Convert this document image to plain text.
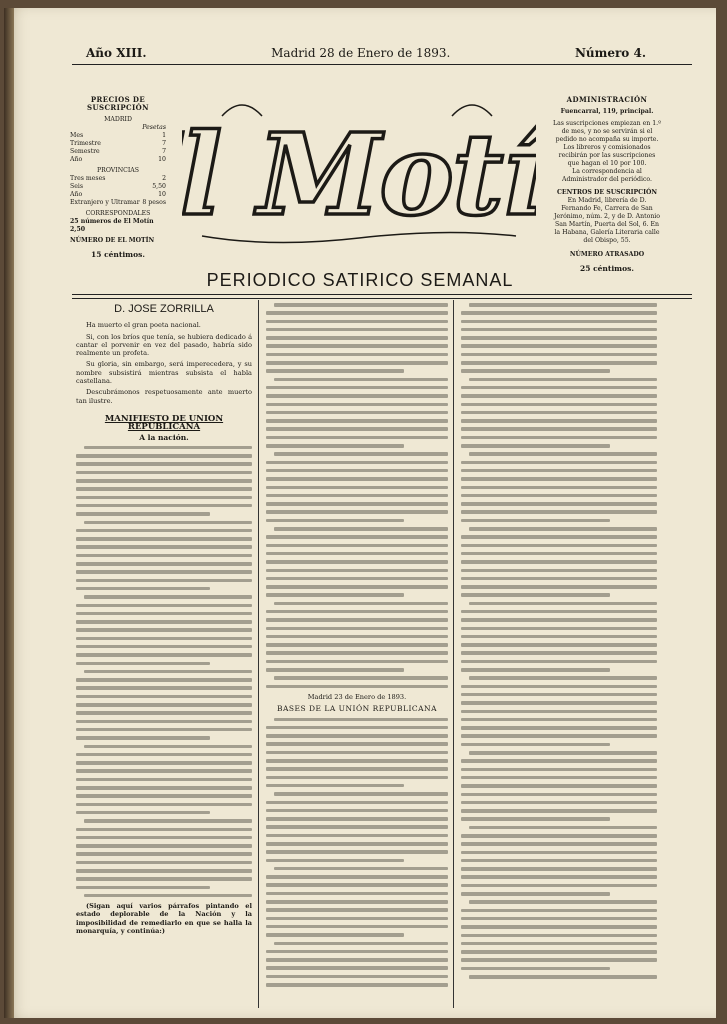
Año XIII.	Madrid 28 de Enero de 1893.	Número 4.
PRECIOS DE SUSCRIPCIÓN
MADRID
Pesetas
Mes	1
Trimestre	7
Semestre	7
Año	10
PROVINCIAS
Tres meses	2
Seis	5,50
Año	10
Extranjero y Ultramar 8 pesos
CORRESPONDALES
25 números de El Motín 2,50
NÚMERO DE EL MOTÍN
15 céntimos.
l Mot
PERIODICO SATIRICO SEMANAL
ADMINISTRACIÓN
Fuencarral, 119, principal.
Las suscripciones empiezan en 1.º de mes, y no se servirán si el pedido no acompaña su importe.
Los libreros y comisionados recibirán por las suscripciones que hagan el 10 por 100.
La correspondencia al Administrador del periódico.
CENTROS DE SUSCRIPCIÓN
En Madrid, librería de D. Fernando Fe, Carrera de San Jerónimo, núm. 2, y de D. Antonio San Martín, Puerta del Sol, 6. En la Habana, Galería Literaria calle del Obispo, 55.
NÚMERO ATRASADO
25 céntimos.
D. JOSE ZORRILLA

Ha muerto el gran poeta nacional.

Si, con los bríos que tenía, se hubiera dedicado á cantar el porvenir en vez del pasado, habría sido realmente un profeta.

Su gloria, sin embargo, será imperecedera, y su nombre subsistirá mientras subsista el habla castellana.

Descubrámonos respetuosamente ante muerto tan ilustre.

MANIFIESTO DE UNION REPUBLICANA
A la nación.

(Sigan aquí varios párrafos pintando el estado deplorable de la Nación y la imposibilidad de remediarlo en que se halla la monarquía, y continúa:)

Madrid 23 de Enero de 1893.
BASES DE LA UNIÓN REPUBLICANA
